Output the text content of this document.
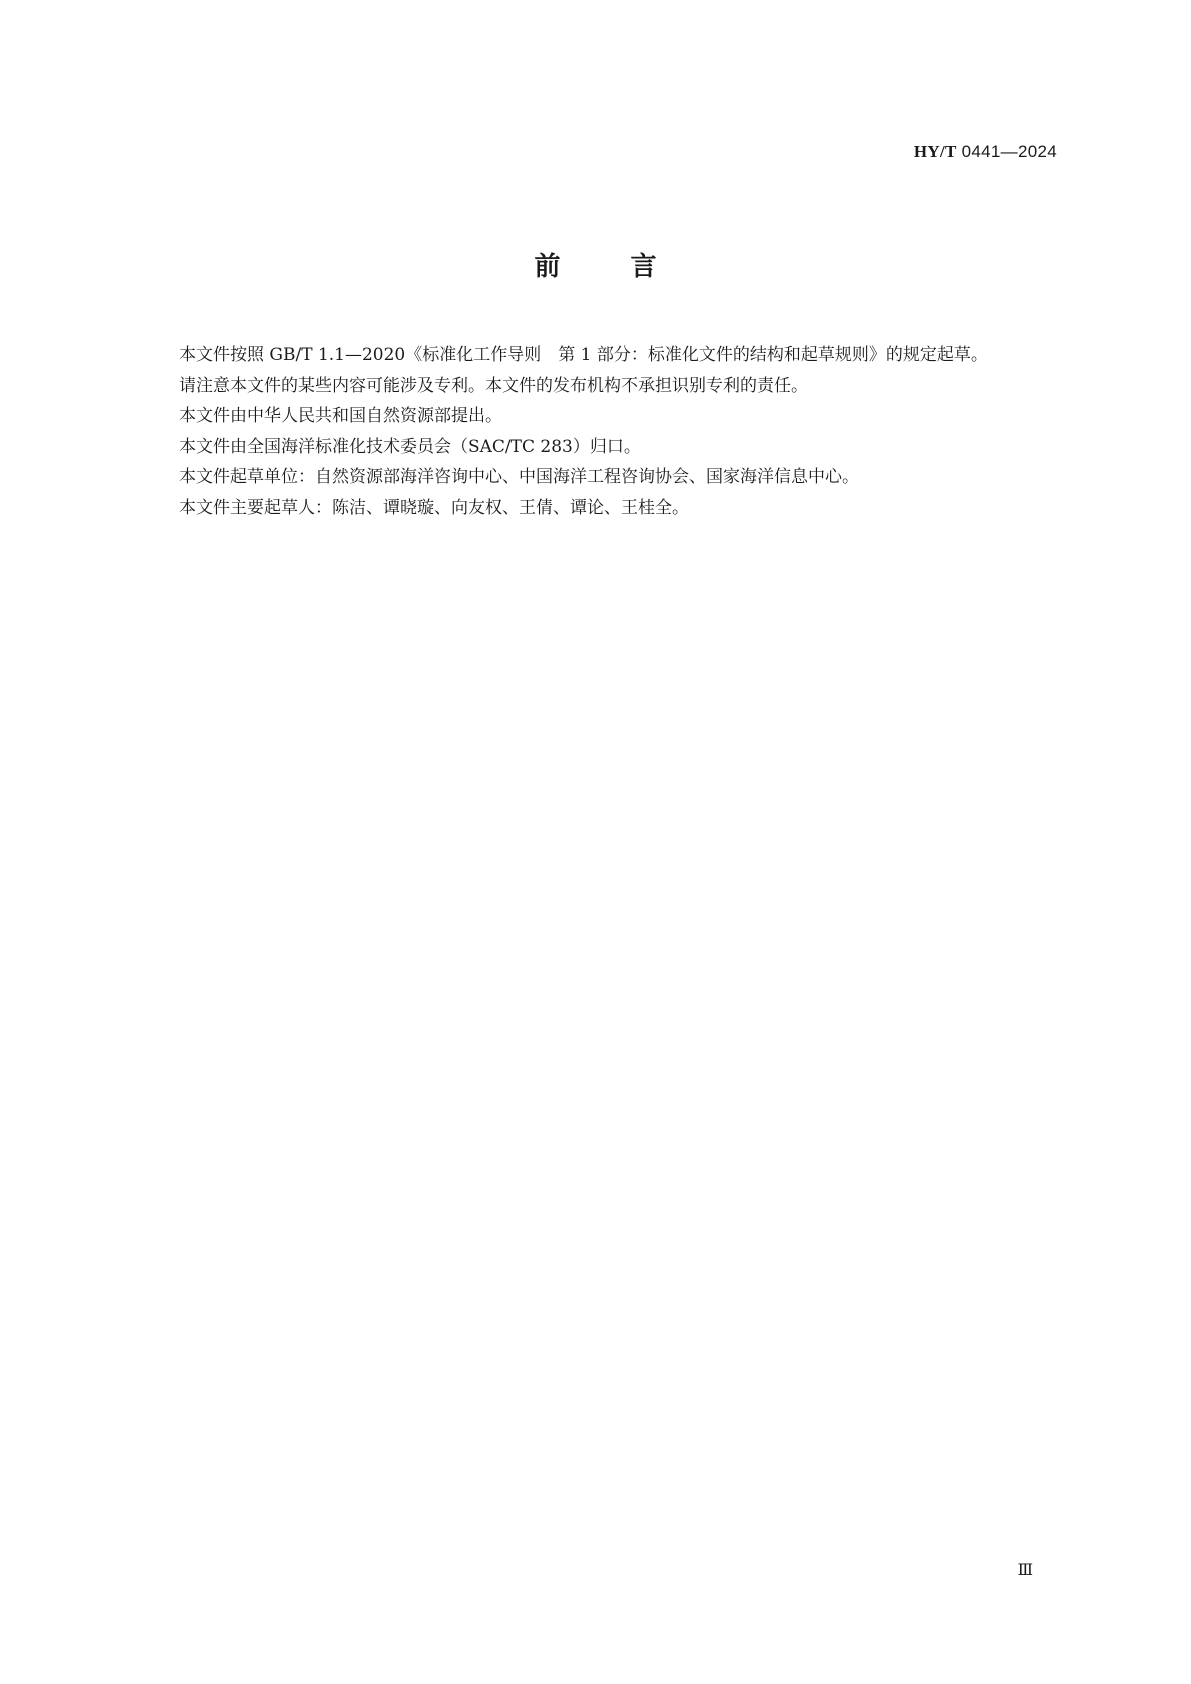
HY/T 0441—2024
前言

本文件按照 GB/T 1.1—2020《标准化工作导则　第 1 部分：标准化文件的结构和起草规则》的规定起草。

请注意本文件的某些内容可能涉及专利。本文件的发布机构不承担识别专利的责任。

本文件由中华人民共和国自然资源部提出。

本文件由全国海洋标准化技术委员会（SAC/TC 283）归口。

本文件起草单位：自然资源部海洋咨询中心、中国海洋工程咨询协会、国家海洋信息中心。

本文件主要起草人：陈洁、谭晓璇、向友权、王倩、谭论、王桂全。

Ⅲ
